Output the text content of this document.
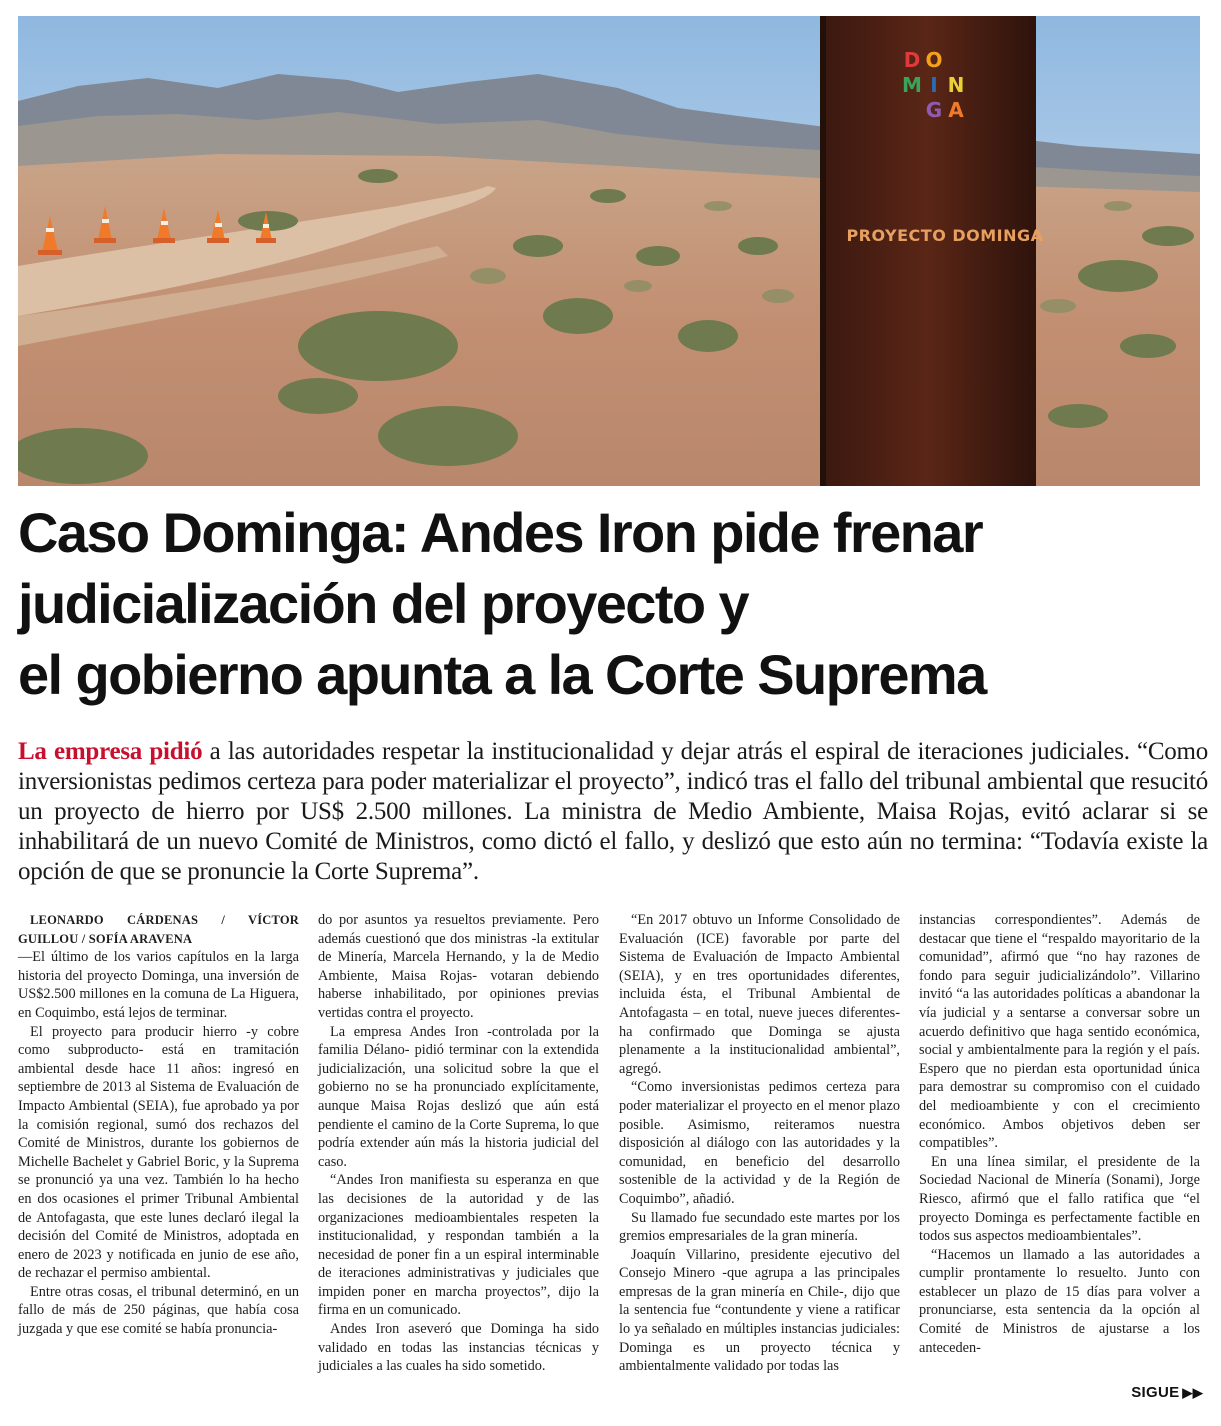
D O
M I N
G A
PROYECTO DOMINGA
Caso Dominga: Andes Iron pide frenar
judicialización del proyecto y
el gobierno apunta a la Corte Suprema

La empresa pidió a las autoridades respetar la institucionalidad y dejar atrás el espiral de iteraciones judiciales. “Como inversionistas pedimos certeza para poder materializar el proyecto”, indicó tras el fallo del tribunal ambiental que resucitó un proyecto de hierro por US$ 2.500 millones. La ministra de Medio Ambiente, Maisa Rojas, evitó aclarar si se inhabilitará de un nuevo Comité de Ministros, como dictó el fallo, y deslizó que esto aún no termina: “Todavía existe la opción de que se pronuncie la Corte Suprema”.

LEONARDO CÁRDENAS / VÍCTOR GUILLOU / SOFÍA ARAVENA

—El último de los varios capítulos en la larga historia del proyecto Dominga, una inversión de US$2.500 millones en la comuna de La Higuera, en Coquimbo, está lejos de terminar.

El proyecto para producir hierro -y cobre como subproducto- está en tramitación ambiental desde hace 11 años: ingresó en septiembre de 2013 al Sistema de Evaluación de Impacto Ambiental (SEIA), fue aprobado ya por la comisión regional, sumó dos rechazos del Comité de Ministros, durante los gobiernos de Michelle Bachelet y Gabriel Boric, y la Suprema se pronunció ya una vez. También lo ha hecho en dos ocasiones el primer Tribunal Ambiental de Antofagasta, que este lunes declaró ilegal la decisión del Comité de Ministros, adoptada en enero de 2023 y notificada en junio de ese año, de rechazar el permiso ambiental.

Entre otras cosas, el tribunal determinó, en un fallo de más de 250 páginas, que había cosa juzgada y que ese comité se había pronuncia-

do por asuntos ya resueltos previamente. Pero además cuestionó que dos ministras -la extitular de Minería, Marcela Hernando, y la de Medio Ambiente, Maisa Rojas- votaran debiendo haberse inhabilitado, por opiniones previas vertidas contra el proyecto.

La empresa Andes Iron -controlada por la familia Délano- pidió terminar con la extendida judicialización, una solicitud sobre la que el gobierno no se ha pronunciado explícitamente, aunque Maisa Rojas deslizó que aún está pendiente el camino de la Corte Suprema, lo que podría extender aún más la historia judicial del caso.

“Andes Iron manifiesta su esperanza en que las decisiones de la autoridad y de las organizaciones medioambientales respeten la institucionalidad, y respondan también a la necesidad de poner fin a un espiral interminable de iteraciones administrativas y judiciales que impiden poner en marcha proyectos”, dijo la firma en un comunicado.

Andes Iron aseveró que Dominga ha sido validado en todas las instancias técnicas y judiciales a las cuales ha sido sometido.

“En 2017 obtuvo un Informe Consolidado de Evaluación (ICE) favorable por parte del Sistema de Evaluación de Impacto Ambiental (SEIA), y en tres oportunidades diferentes, incluida ésta, el Tribunal Ambiental de Antofagasta – en total, nueve jueces diferentes- ha confirmado que Dominga se ajusta plenamente a la institucionalidad ambiental”, agregó.

“Como inversionistas pedimos certeza para poder materializar el proyecto en el menor plazo posible. Asimismo, reiteramos nuestra disposición al diálogo con las autoridades y la comunidad, en beneficio del desarrollo sostenible de la actividad y de la Región de Coquimbo”, añadió.

Su llamado fue secundado este martes por los gremios empresariales de la gran minería.

Joaquín Villarino, presidente ejecutivo del Consejo Minero -que agrupa a las principales empresas de la gran minería en Chile-, dijo que la sentencia fue “contundente y viene a ratificar lo ya señalado en múltiples instancias judiciales: Dominga es un proyecto técnica y ambientalmente validado por todas las

instancias correspondientes”. Además de destacar que tiene el “respaldo mayoritario de la comunidad”, afirmó que “no hay razones de fondo para seguir judicializándolo”. Villarino invitó “a las autoridades políticas a abandonar la vía judicial y a sentarse a conversar sobre un acuerdo definitivo que haga sentido económica, social y ambientalmente para la región y el país. Espero que no pierdan esta oportunidad única para demostrar su compromiso con el cuidado del medioambiente y con el crecimiento económico. Ambos objetivos deben ser compatibles”.

En una línea similar, el presidente de la Sociedad Nacional de Minería (Sonami), Jorge Riesco, afirmó que el fallo ratifica que “el proyecto Dominga es perfectamente factible en todos sus aspectos medioambientales”.

“Hacemos un llamado a las autoridades a cumplir prontamente lo resuelto. Junto con establecer un plazo de 15 días para volver a pronunciarse, esta sentencia da la opción al Comité de Ministros de ajustarse a los anteceden-

SIGUE ▶▶
